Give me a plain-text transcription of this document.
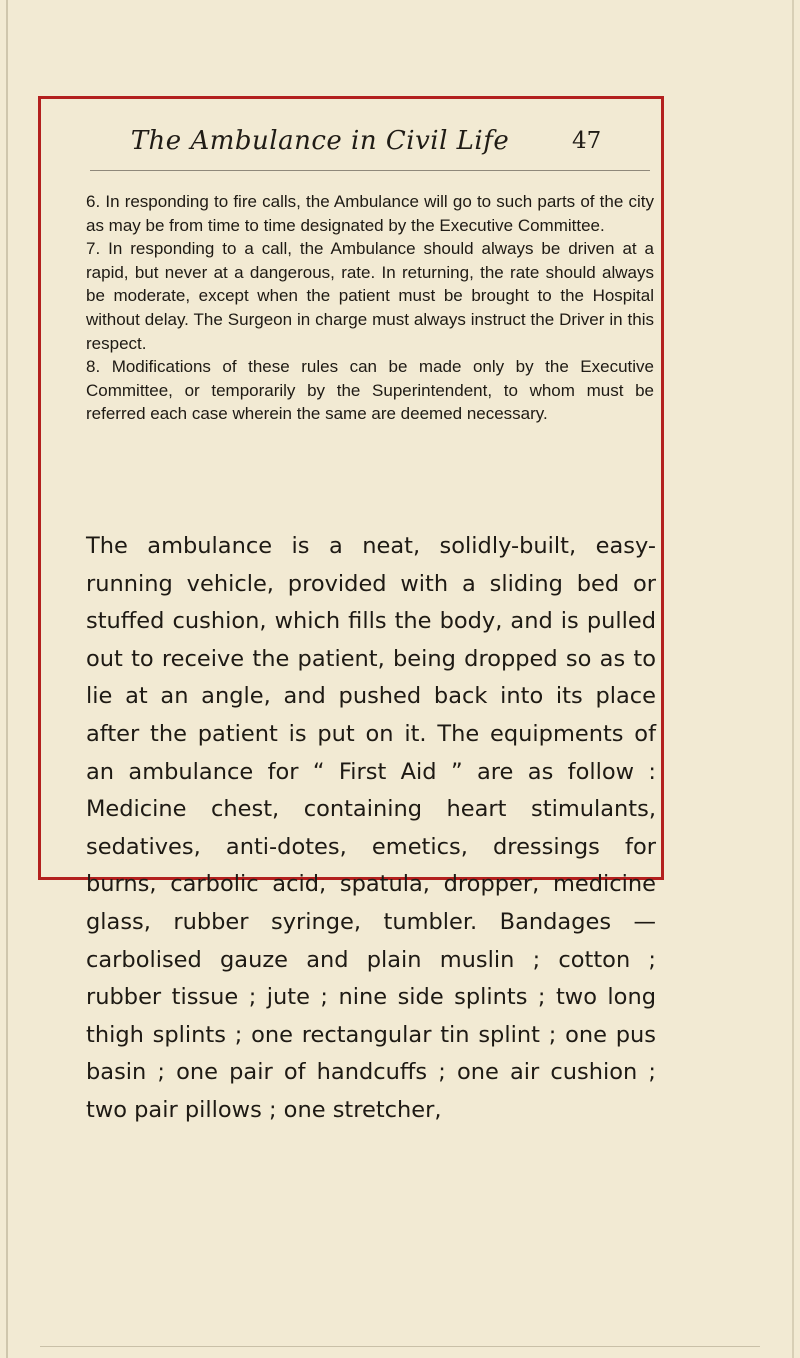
The Ambulance in Civil Life	47

6. In responding to fire calls, the Ambulance will go to such parts of the city as may be from time to time designated by the Executive Committee.

7. In responding to a call, the Ambulance should always be driven at a rapid, but never at a dangerous, rate. In returning, the rate should always be moderate, except when the patient must be brought to the Hospital without delay. The Surgeon in charge must always instruct the Driver in this respect.

8. Modifications of these rules can be made only by the Executive Committee, or temporarily by the Superintendent, to whom must be referred each case wherein the same are deemed necessary.

The ambulance is a neat, solidly-built, easy-running vehicle, provided with a sliding bed or stuffed cushion, which fills the body, and is pulled out to receive the patient, being dropped so as to lie at an angle, and pushed back into its place after the patient is put on it. The equipments of an ambulance for “ First Aid ” are as follow : Medicine chest, containing heart stimulants, sedatives, anti-dotes, emetics, dressings for burns, carbolic acid, spatula, dropper, medicine glass, rubber syringe, tumbler. Bandages — carbolised gauze and plain muslin ; cotton ; rubber tissue ; jute ; nine side splints ; two long thigh splints ; one rectangular tin splint ; one pus basin ; one pair of handcuffs ; one air cushion ; two pair pillows ; one stretcher,
